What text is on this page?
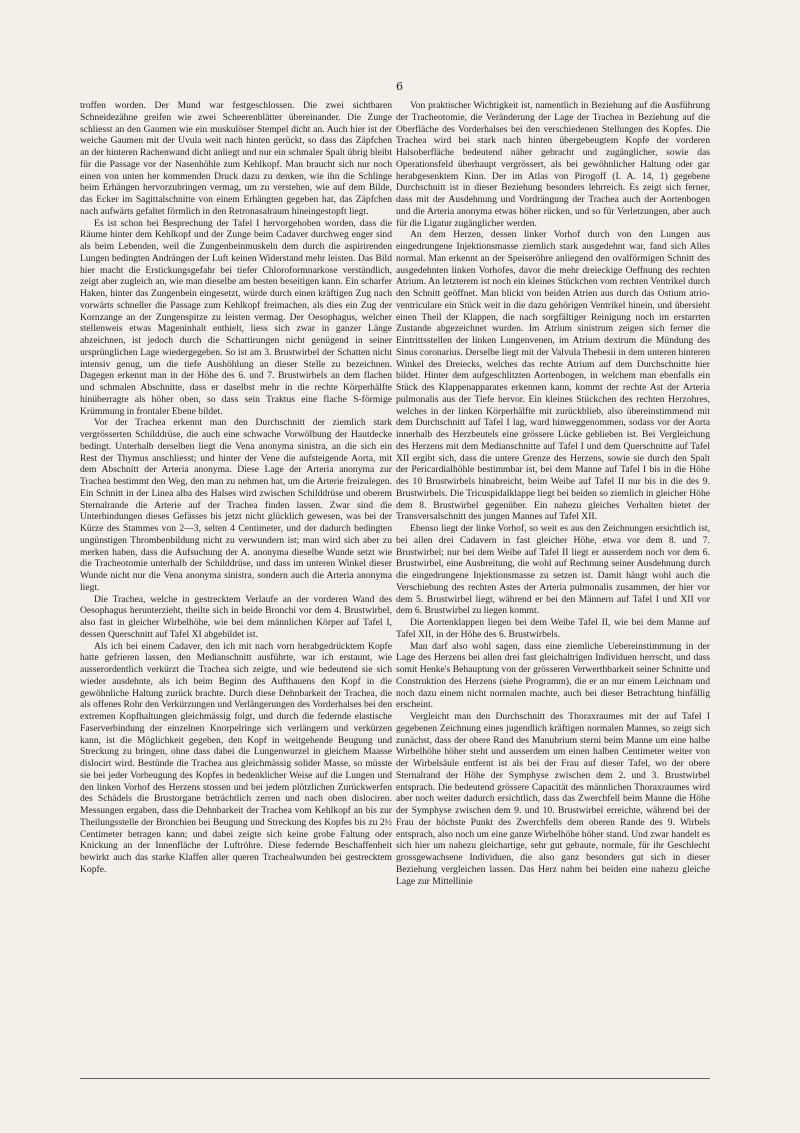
6

troffen worden. Der Mund war festgeschlossen. Die zwei sichtbaren Schneidezähne greifen wie zwei Scheerenblätter übereinander. Die Zunge schliesst an den Gaumen wie ein muskulöser Stempel dicht an. Auch hier ist der weiche Gaumen mit der Uvula weit nach hinten gerückt, so dass das Zäpfchen an der hinteren Rachenwand dicht anliegt und nur ein schmaler Spalt übrig bleibt für die Passage vor der Nasenhöhle zum Kehlkopf. Man braucht sich nur noch einen von unten her kommenden Druck dazu zu denken, wie ihn die Schlinge beim Erhängen hervorzubringen vermag, um zu verstehen, wie auf dem Bilde, das Ecker im Sagittalschnitte von einem Erhängten gegeben hat, das Zäpfchen nach aufwärts gefaltet förmlich in den Retronasalraum hineingestopft liegt.

Es ist schon bei Besprechung der Tafel I hervorgehoben worden, dass die Räume hinter dem Kehlkopf und der Zunge beim Cadaver durchweg enger sind als beim Lebenden, weil die Zungenbeinmuskeln dem durch die aspirirenden Lungen bedingten Andrängen der Luft keinen Widerstand mehr leisten. Das Bild hier macht die Erstickungsgefahr bei tiefer Chloroformnarkose verständlich, zeigt aber zugleich an, wie man dieselbe am besten beseitigen kann. Ein scharfer Haken, hinter das Zungenbein eingesetzt, würde durch einen kräftigen Zug nach vorwärts schneller die Passage zum Kehlkopf freimachen, als dies ein Zug der Kornzange an der Zungenspitze zu leisten vermag. Der Oesophagus, welcher stellenweis etwas Mageninhalt enthielt, liess sich zwar in ganzer Länge abzeichnen, ist jedoch durch die Schattirungen nicht genügend in seiner ursprünglichen Lage wiedergegeben. So ist am 3. Brustwirbel der Schatten nicht intensiv genug, um die tiefe Aushöhlung an dieser Stelle zu bezeichnen. Dagegen erkennt man in der Höhe des 6. und 7. Brustwirbels an dem flachen und schmalen Abschnitte, dass er daselbst mehr in die rechte Körperhälfte hinüberragte als höher oben, so dass sein Traktus eine flache S-förmige Krümmung in frontaler Ebene bildet.

Vor der Trachea erkennt man den Durchschnitt der ziemlich stark vergrösserten Schilddrüse, die auch eine schwache Vorwölbung der Hautdecke bedingt. Unterhalb derselben liegt die Vena anonyma sinistra, an die sich ein Rest der Thymus anschliesst; und hinter der Vene die aufsteigende Aorta, mit dem Abschnitt der Arteria anonyma. Diese Lage der Arteria anonyma zur Trachea bestimmt den Weg, den man zu nehmen hat, um die Arterie freizulegen. Ein Schnitt in der Linea alba des Halses wird zwischen Schilddrüse und oberem Sternalrande die Arterie auf der Trachea finden lassen. Zwar sind die Unterbindungen dieses Gefässes bis jetzt nicht glücklich gewesen, was bei der Kürze des Stammes von 2—3, selten 4 Centimeter, und der dadurch bedingten ungünstigen Thrombenbildung nicht zu verwundern ist; man wird sich aber zu merken haben, dass die Aufsuchung der A. anonyma dieselbe Wunde setzt wie die Tracheotomie unterhalb der Schilddrüse, und dass im unteren Winkel dieser Wunde nicht nur die Vena anonyma sinistra, sondern auch die Arteria anonyma liegt.

Die Trachea, welche in gestrecktem Verlaufe an der vorderen Wand des Oesophagus herunterzieht, theilte sich in beide Bronchi vor dem 4. Brustwirbel, also fast in gleicher Wirbelhöhe, wie bei dem männlichen Körper auf Tafel I, dessen Querschnitt auf Tafel XI abgebildet ist.

Als ich bei einem Cadaver, den ich mit nach vorn herabgedrücktem Kopfe hatte gefrieren lassen, den Medianschnitt ausführte, war ich erstaunt, wie ausserordentlich verkürzt die Trachea sich zeigte, und wie bedeutend sie sich wieder ausdehnte, als ich beim Beginn des Aufthauens den Kopf in die gewöhnliche Haltung zurück brachte. Durch diese Dehnbarkeit der Trachea, die als offenes Rohr den Verkürzungen und Verlängerungen des Vorderhalses bei den extremen Kopfhaltungen gleichmässig folgt, und durch die federnde elastische Faserverbindung der einzelnen Knorpelringe sich verlängern und verkürzen kann, ist die Möglichkeit gegeben, den Kopf in weitgehende Beugung und Streckung zu bringen, ohne dass dabei die Lungenwurzel in gleichem Maasse dislocirt wird. Bestünde die Trachea aus gleichmässig solider Masse, so müsste sie bei jeder Vorbeugung des Kopfes in bedenklicher Weise auf die Lungen und den linken Vorhof des Herzens stossen und bei jedem plötzlichen Zurückwerfen des Schädels die Brustorgane beträchtlich zerren und nach oben dislociren. Messungen ergaben, dass die Dehnbarkeit der Trachea vom Kehlkopf an bis zur Theilungsstelle der Bronchien bei Beugung und Streckung des Kopfes bis zu 2½ Centimeter betragen kann; und dabei zeigte sich keine grobe Faltung oder Knickung an der Innenfläche der Luftröhre. Diese federnde Beschaffenheit bewirkt auch das starke Klaffen aller queren Trachealwunden bei gestrecktem Kopfe.

Von praktischer Wichtigkeit ist, namentlich in Beziehung auf die Ausführung der Tracheotomie, die Veränderung der Lage der Trachea in Beziehung auf die Oberfläche des Vorderhalses bei den verschiedenen Stellungen des Kopfes. Die Trachea wird bei stark nach hinten übergebeugtem Kopfe der vorderen Halsoberfläche bedeutend näher gebracht und zugänglicher, sowie das Operationsfeld überhaupt vergrössert, als bei gewöhnlicher Haltung oder gar herabgesenktem Kinn. Der im Atlas von Pirogoff (I. A. 14, 1) gegebene Durchschnitt ist in dieser Beziehung besonders lehrreich. Es zeigt sich ferner, dass mit der Ausdehnung und Vordrängung der Trachea auch der Aortenbogen und die Arteria anonyma etwas höher rücken, und so für Verletzungen, aber auch für die Ligatur zugänglicher werden.

An dem Herzen, dessen linker Vorhof durch von den Lungen aus eingedrungene Injektionsmasse ziemlich stark ausgedehnt war, fand sich Alles normal. Man erkennt an der Speiseröhre anliegend den ovalförmigen Schnitt des ausgedehnten linken Vorhofes, davor die mehr dreieckige Oeffnung des rechten Atrium. An letzterem ist noch ein kleines Stückchen vom rechten Ventrikel durch den Schnitt geöffnet. Man blickt von beiden Atrien aus durch das Ostium atrio-ventriculare ein Stück weit in die dazu gehörigen Ventrikel hinein, und übersieht einen Theil der Klappen, die nach sorgfältiger Reinigung noch im erstarrten Zustande abgezeichnet wurden. Im Atrium sinistrum zeigen sich ferner die Eintrittsstellen der linken Lungenvenen, im Atrium dextrum die Mündung des Sinus coronarius. Derselbe liegt mit der Valvula Thebesii in dem unteren hinteren Winkel des Dreiecks, welches das rechte Atrium auf dem Durchschnitte hier bildet. Hinter dem aufgeschlitzten Aortenbogen, in welchem man ebenfalls ein Stück des Klappenapparates erkennen kann, kommt der rechte Ast der Arteria pulmonalis aus der Tiefe hervor. Ein kleines Stückchen des rechten Herzohres, welches in der linken Körperhälfte mit zurückblieb, also übereinstimmend mit dem Durchschnitt auf Tafel I lag, ward hinweggenommen, sodass vor der Aorta innerhalb des Herzbeutels eine grössere Lücke geblieben ist. Bei Vergleichung des Herzens mit dem Medianschnitte auf Tafel I und dem Querschnitte auf Tafel XII ergibt sich, dass die untere Grenze des Herzens, sowie sie durch den Spalt der Pericardialhöhle bestimmbar ist, bei dem Manne auf Tafel I bis in die Höhe des 10 Brustwirbels hinabreicht, beim Weibe auf Tafel II nur bis in die des 9. Brustwirbels. Die Tricuspidalklappe liegt bei beiden so ziemlich in gleicher Höhe dem 8. Brustwirbel gegenüber. Ein nahezu gleiches Verhalten bietet der Transversalschnitt des jungen Mannes auf Tafel XII.

Ebenso liegt der linke Vorhof, so weit es aus den Zeichnungen ersichtlich ist, bei allen drei Cadavern in fast gleicher Höhe, etwa vor dem 8. und 7. Brustwirbel; nur bei dem Weibe auf Tafel II liegt er ausserdem noch vor dem 6. Brustwirbel, eine Ausbreitung, die wohl auf Rechnung seiner Ausdehnung durch die eingedrungene Injektionsmasse zu setzen ist. Damit hängt wohl auch die Verschiebung des rechten Astes der Arteria pulmonalis zusammen, der hier vor dem 5. Brustwirbel liegt, während er bei den Männern auf Tafel I und XII vor dem 6. Brustwirbel zu liegen kommt.

Die Aortenklappen liegen bei dem Weibe Tafel II, wie bei dem Manne auf Tafel XII, in der Höhe des 6. Brustwirbels.

Man darf also wohl sagen, dass eine ziemliche Uebereinstimmung in der Lage des Herzens bei allen drei fast gleichaltrigen Individuen herrscht, und dass somit Henke's Behauptung von der grösseren Verwerthbarkeit seiner Schnitte und Construktion des Herzens (siehe Programm), die er an nur einem Leichnam und noch dazu einem nicht normalen machte, auch bei dieser Betrachtung hinfällig erscheint.

Vergleicht man den Durchschnitt des Thoraxraumes mit der auf Tafel I gegebenen Zeichnung eines jugendlich kräftigen normalen Mannes, so zeigt sich zunächst, dass der obere Rand des Manubrium sterni beim Manne um eine halbe Wirbelhöhe höher steht und ausserdem um einen halben Centimeter weiter von der Wirbelsäule entfernt ist als bei der Frau auf dieser Tafel, wo der obere Sternalrand der Höhe der Symphyse zwischen dem 2. und 3. Brustwirbel entsprach. Die bedeutend grössere Capacität des männlichen Thoraxraumes wird aber noch weiter dadurch ersichtlich, dass das Zwerchfell beim Manne die Höhe der Symphyse zwischen dem 9. und 10. Brustwirbel erreichte, während bei der Frau der höchste Punkt des Zwerchfells dem oberen Rande des 9. Wirbels entsprach, also noch um eine ganze Wirbelhöhe höher stand. Und zwar handelt es sich hier um nahezu gleichartige, sehr gut gebaute, normale, für ihr Geschlecht grossgewachsene Individuen, die also ganz besonders gut sich in dieser Beziehung vergleichen lassen. Das Herz nahm bei beiden eine nahezu gleiche Lage zur Mittellinie
